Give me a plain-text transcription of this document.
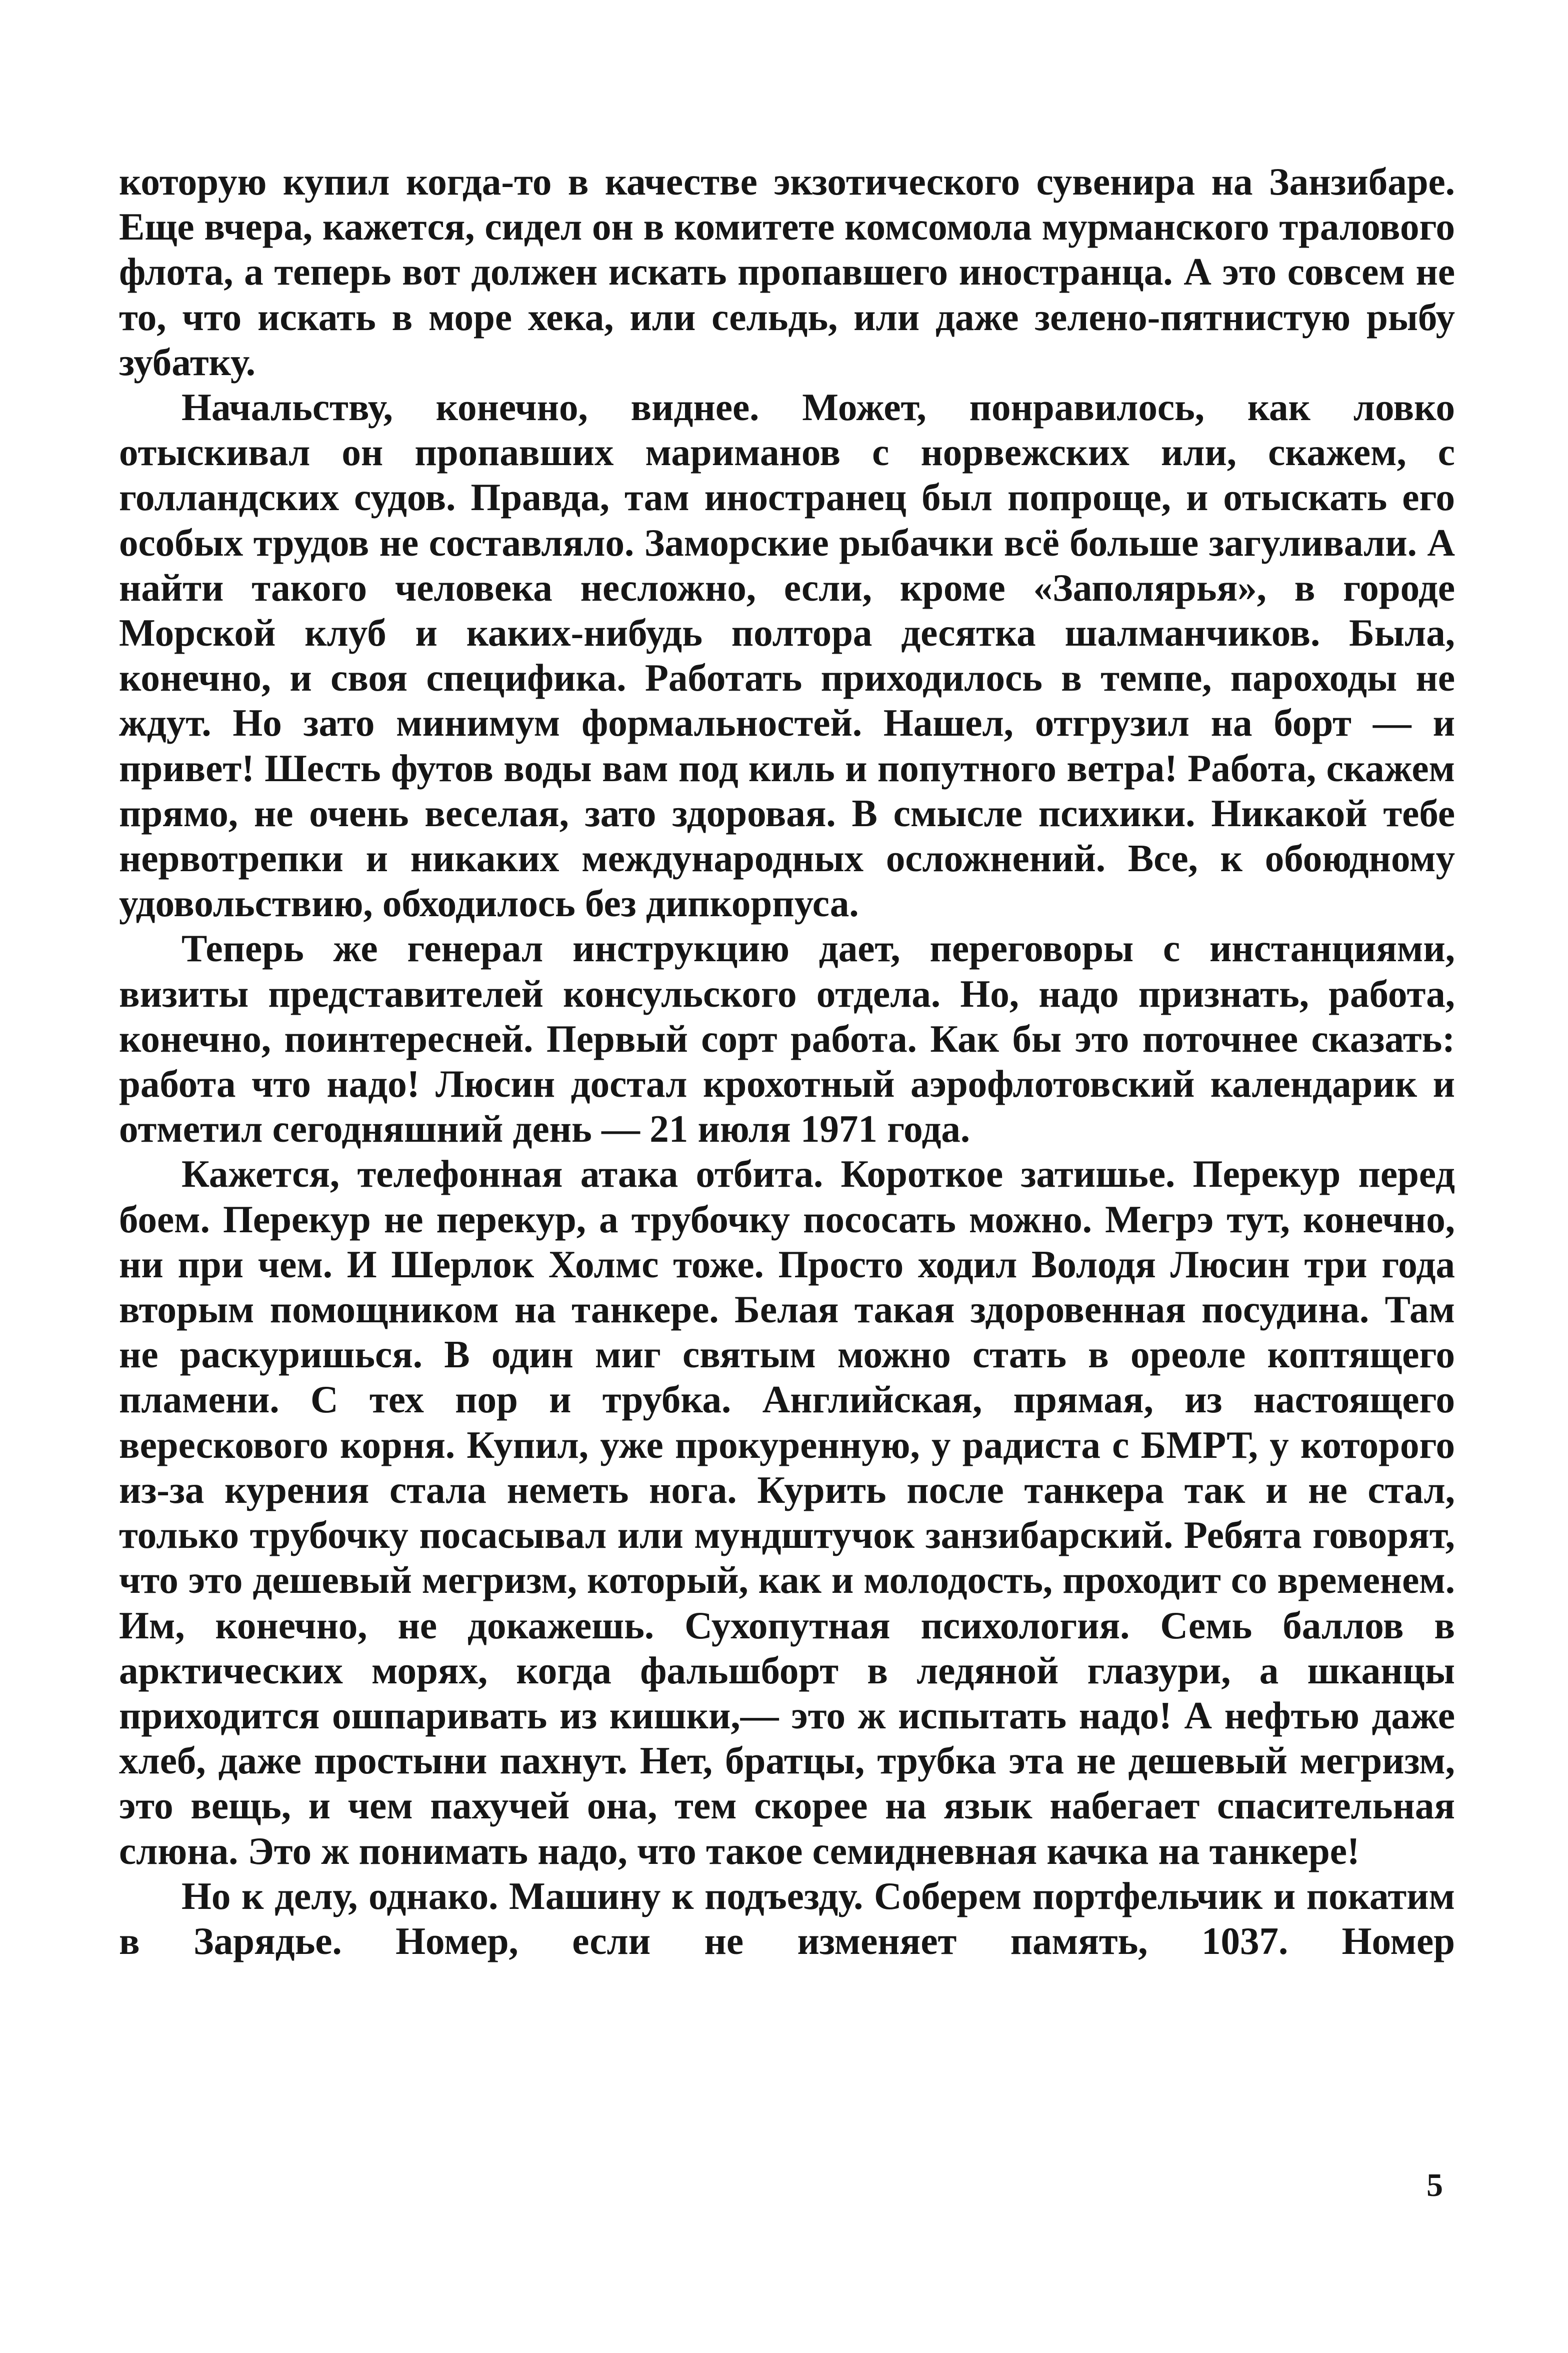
которую купил когда-то в качестве экзотического сувенира на Занзибаре. Еще вчера, кажется, сидел он в комитете комсомола мурманского тралового флота, а теперь вот должен искать пропавшего иностранца. А это совсем не то, что искать в море хека, или сельдь, или даже зелено-пятнистую рыбу зубатку.

Начальству, конечно, виднее. Может, понравилось, как ловко отыскивал он пропавших мариманов с норвежских или, скажем, с голландских судов. Правда, там иностранец был попроще, и отыскать его особых трудов не составляло. Заморские рыбачки всё больше загуливали. А найти такого человека несложно, если, кроме «Заполярья», в городе Морской клуб и каких-нибудь полтора десятка шалманчиков. Была, конечно, и своя специфика. Работать приходилось в темпе, пароходы не ждут. Но зато минимум формальностей. Нашел, отгрузил на борт — и привет! Шесть футов воды вам под киль и попутного ветра! Работа, скажем прямо, не очень веселая, зато здоровая. В смысле психики. Никакой тебе нервотрепки и никаких международных осложнений. Все, к обоюдному удовольствию, обходилось без дипкорпуса.

Теперь же генерал инструкцию дает, переговоры с инстанциями, визиты представителей консульского отдела. Но, надо признать, работа, конечно, поинтересней. Первый сорт работа. Как бы это поточнее сказать: работа что надо! Люсин достал крохотный аэрофлотовский календарик и отметил сегодняшний день — 21 июля 1971 года.

Кажется, телефонная атака отбита. Короткое затишье. Перекур перед боем. Перекур не перекур, а трубочку пососать можно. Мегрэ тут, конечно, ни при чем. И Шерлок Холмс тоже. Просто ходил Володя Люсин три года вторым помощником на танкере. Белая такая здоровенная посудина. Там не раскуришься. В один миг святым можно стать в ореоле коптящего пламени. С тех пор и трубка. Английская, прямая, из настоящего верескового корня. Купил, уже прокуренную, у радиста с БМРТ, у которого из-за курения стала неметь нога. Курить после танкера так и не стал, только трубочку посасывал или мундштучок занзибарский. Ребята говорят, что это дешевый мегризм, который, как и молодость, проходит со временем. Им, конечно, не докажешь. Сухопутная психология. Семь баллов в арктических морях, когда фальшборт в ледяной глазури, а шканцы приходится ошпаривать из кишки,— это ж испытать надо! А нефтью даже хлеб, даже простыни пахнут. Нет, братцы, трубка эта не дешевый мегризм, это вещь, и чем пахучей она, тем скорее на язык набегает спасительная слюна. Это ж понимать надо, что такое семидневная качка на танкере!

Но к делу, однако. Машину к подъезду. Соберем портфельчик и покатим в Зарядье. Номер, если не изменяет память, 1037. Номер

5
